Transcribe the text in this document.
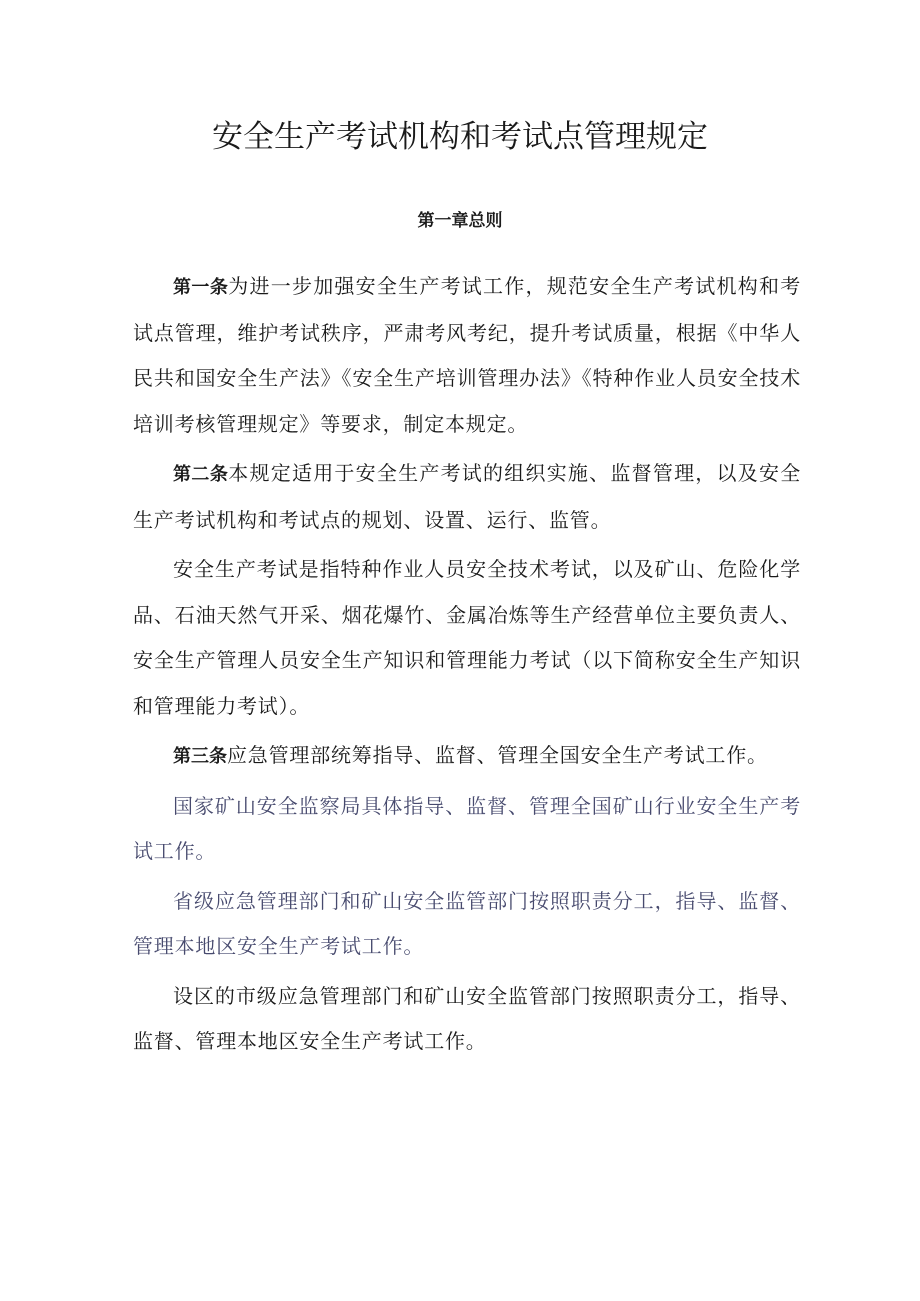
安全生产考试机构和考试点管理规定
第一章总则

第一条为进一步加强安全生产考试工作，规范安全生产考试机构和考试点管理，维护考试秩序，严肃考风考纪，提升考试质量，根据《中华人民共和国安全生产法》《安全生产培训管理办法》《特种作业人员安全技术培训考核管理规定》等要求，制定本规定。

第二条本规定适用于安全生产考试的组织实施、监督管理，以及安全生产考试机构和考试点的规划、设置、运行、监管。

安全生产考试是指特种作业人员安全技术考试，以及矿山、危险化学品、石油天然气开采、烟花爆竹、金属冶炼等生产经营单位主要负责人、安全生产管理人员安全生产知识和管理能力考试（以下简称安全生产知识和管理能力考试）。

第三条应急管理部统筹指导、监督、管理全国安全生产考试工作。

国家矿山安全监察局具体指导、监督、管理全国矿山行业安全生产考试工作。

省级应急管理部门和矿山安全监管部门按照职责分工，指导、监督、管理本地区安全生产考试工作。

设区的市级应急管理部门和矿山安全监管部门按照职责分工，指导、监督、管理本地区安全生产考试工作。
